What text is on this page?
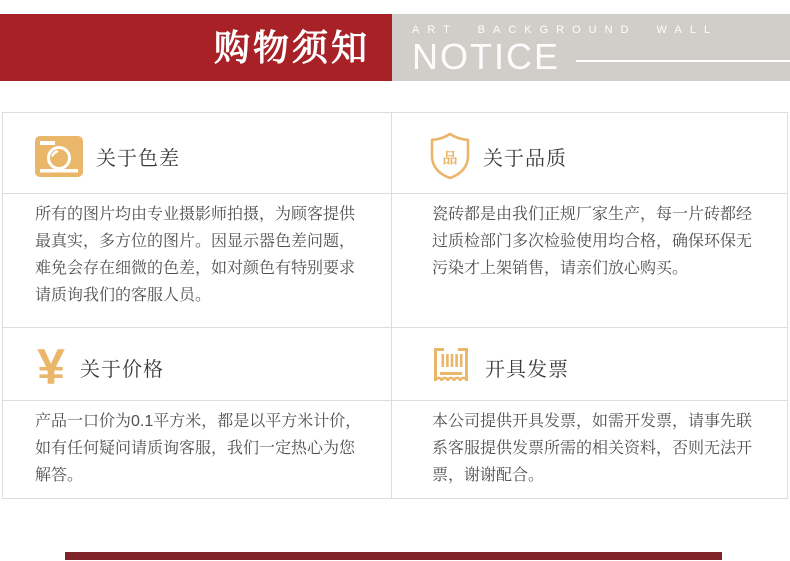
购物须知	ART BACKGROUND WALL
NOTICE
关于色差	品	关于品质
所有的图片均由专业摄影师拍摄，为顾客提供最真实，多方位的图片。因显示器色差问题，难免会存在细微的色差，如对颜色有特别要求请质询我们的客服人员。
瓷砖都是由我们正规厂家生产，每一片砖都经过质检部门多次检验使用均合格，确保环保无污染才上架销售，请亲们放心购买。
¥ 关于价格	开具发票
产品一口价为0.1平方米，都是以平方米计价，如有任何疑问请质询客服，我们一定热心为您解答。
本公司提供开具发票，如需开发票，请事先联系客服提供发票所需的相关资料，否则无法开票，谢谢配合。
